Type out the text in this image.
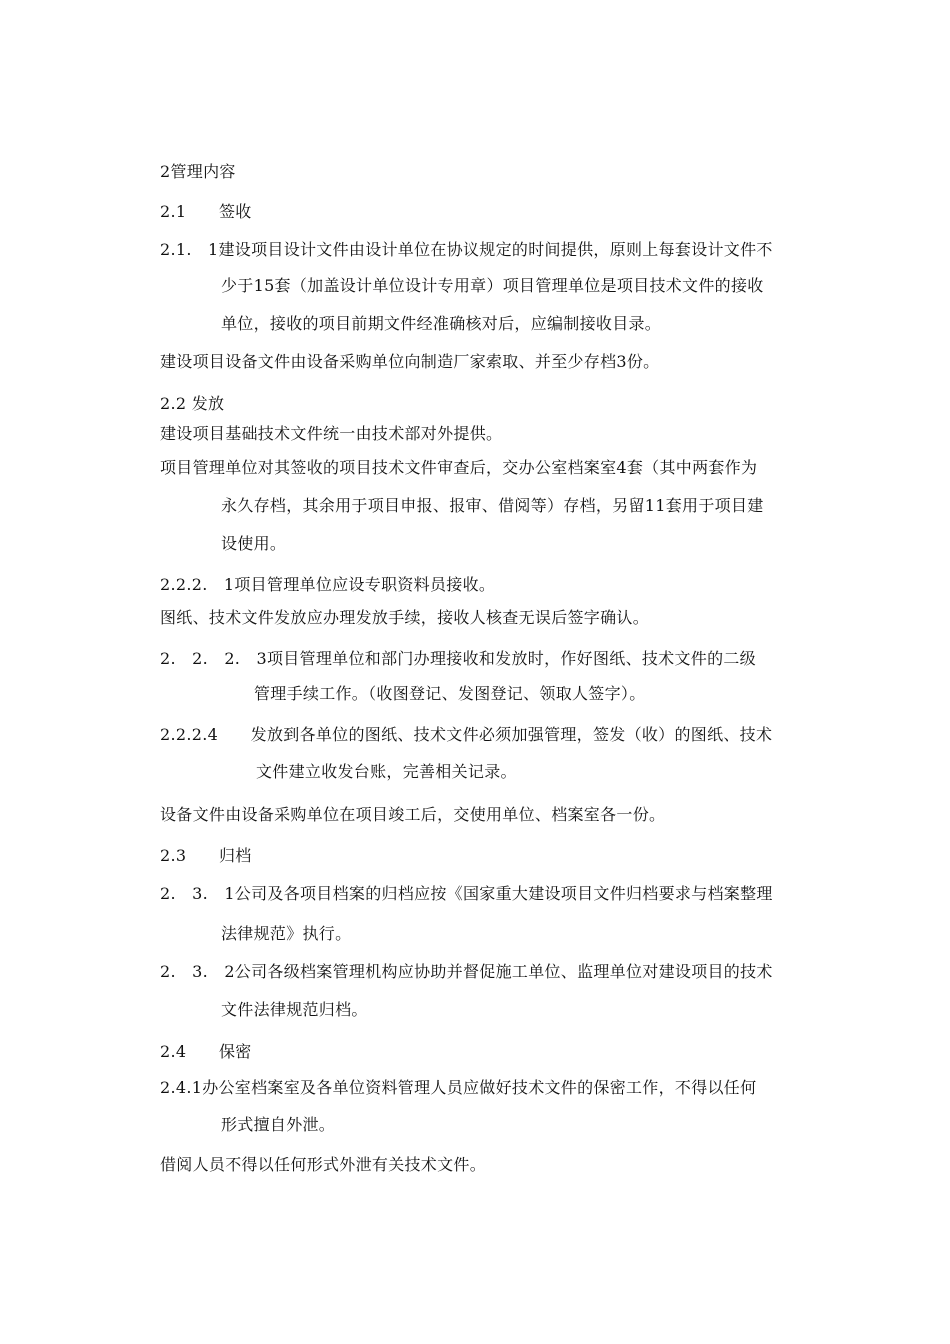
2管理内容
2.1　　签收
2.1.　1建设项目设计文件由设计单位在协议规定的时间提供，原则上每套设计文件不
少于15套（加盖设计单位设计专用章）项目管理单位是项目技术文件的接收
单位，接收的项目前期文件经准确核对后，应编制接收目录。
建设项目设备文件由设备采购单位向制造厂家索取、并至少存档3份。
2.2 发放
建设项目基础技术文件统一由技术部对外提供。
项目管理单位对其签收的项目技术文件审查后，交办公室档案室4套（其中两套作为
永久存档，其余用于项目申报、报审、借阅等）存档，另留11套用于项目建
设使用。
2.2.2.　1项目管理单位应设专职资料员接收。
图纸、技术文件发放应办理发放手续，接收人核查无误后签字确认。
2.　2.　2.　3项目管理单位和部门办理接收和发放时，作好图纸、技术文件的二级
管理手续工作。（收图登记、发图登记、领取人签字）。
2.2.2.4　　发放到各单位的图纸、技术文件必须加强管理，签发（收）的图纸、技术
文件建立收发台账，完善相关记录。
设备文件由设备采购单位在项目竣工后，交使用单位、档案室各一份。
2.3　　归档
2.　3.　1公司及各项目档案的归档应按《国家重大建设项目文件归档要求与档案整理
法律规范》执行。
2.　3.　2公司各级档案管理机构应协助并督促施工单位、监理单位对建设项目的技术
文件法律规范归档。
2.4　　保密
2.4.1办公室档案室及各单位资料管理人员应做好技术文件的保密工作，不得以任何
形式擅自外泄。
借阅人员不得以任何形式外泄有关技术文件。
